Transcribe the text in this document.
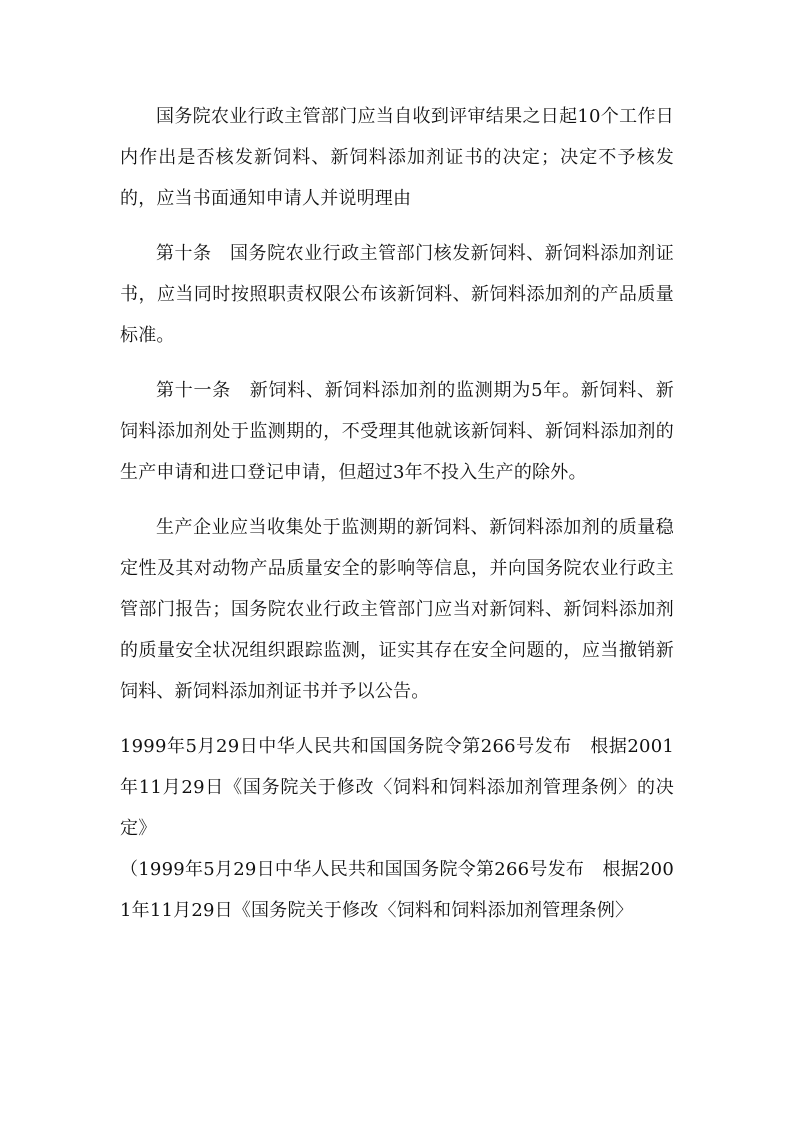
国务院农业行政主管部门应当自收到评审结果之日起10个工作日内作出是否核发新饲料、新饲料添加剂证书的决定；决定不予核发的，应当书面通知申请人并说明理由

第十条　国务院农业行政主管部门核发新饲料、新饲料添加剂证书，应当同时按照职责权限公布该新饲料、新饲料添加剂的产品质量标准。

第十一条　新饲料、新饲料添加剂的监测期为5年。新饲料、新饲料添加剂处于监测期的，不受理其他就该新饲料、新饲料添加剂的生产申请和进口登记申请，但超过3年不投入生产的除外。

生产企业应当收集处于监测期的新饲料、新饲料添加剂的质量稳定性及其对动物产品质量安全的影响等信息，并向国务院农业行政主管部门报告；国务院农业行政主管部门应当对新饲料、新饲料添加剂的质量安全状况组织跟踪监测，证实其存在安全问题的，应当撤销新饲料、新饲料添加剂证书并予以公告。

1999年5月29日中华人民共和国国务院令第266号发布　根据2001年11月29日《国务院关于修改〈饲料和饲料添加剂管理条例〉的决定》

（1999年5月29日中华人民共和国国务院令第266号发布　根据2001年11月29日《国务院关于修改〈饲料和饲料添加剂管理条例〉
